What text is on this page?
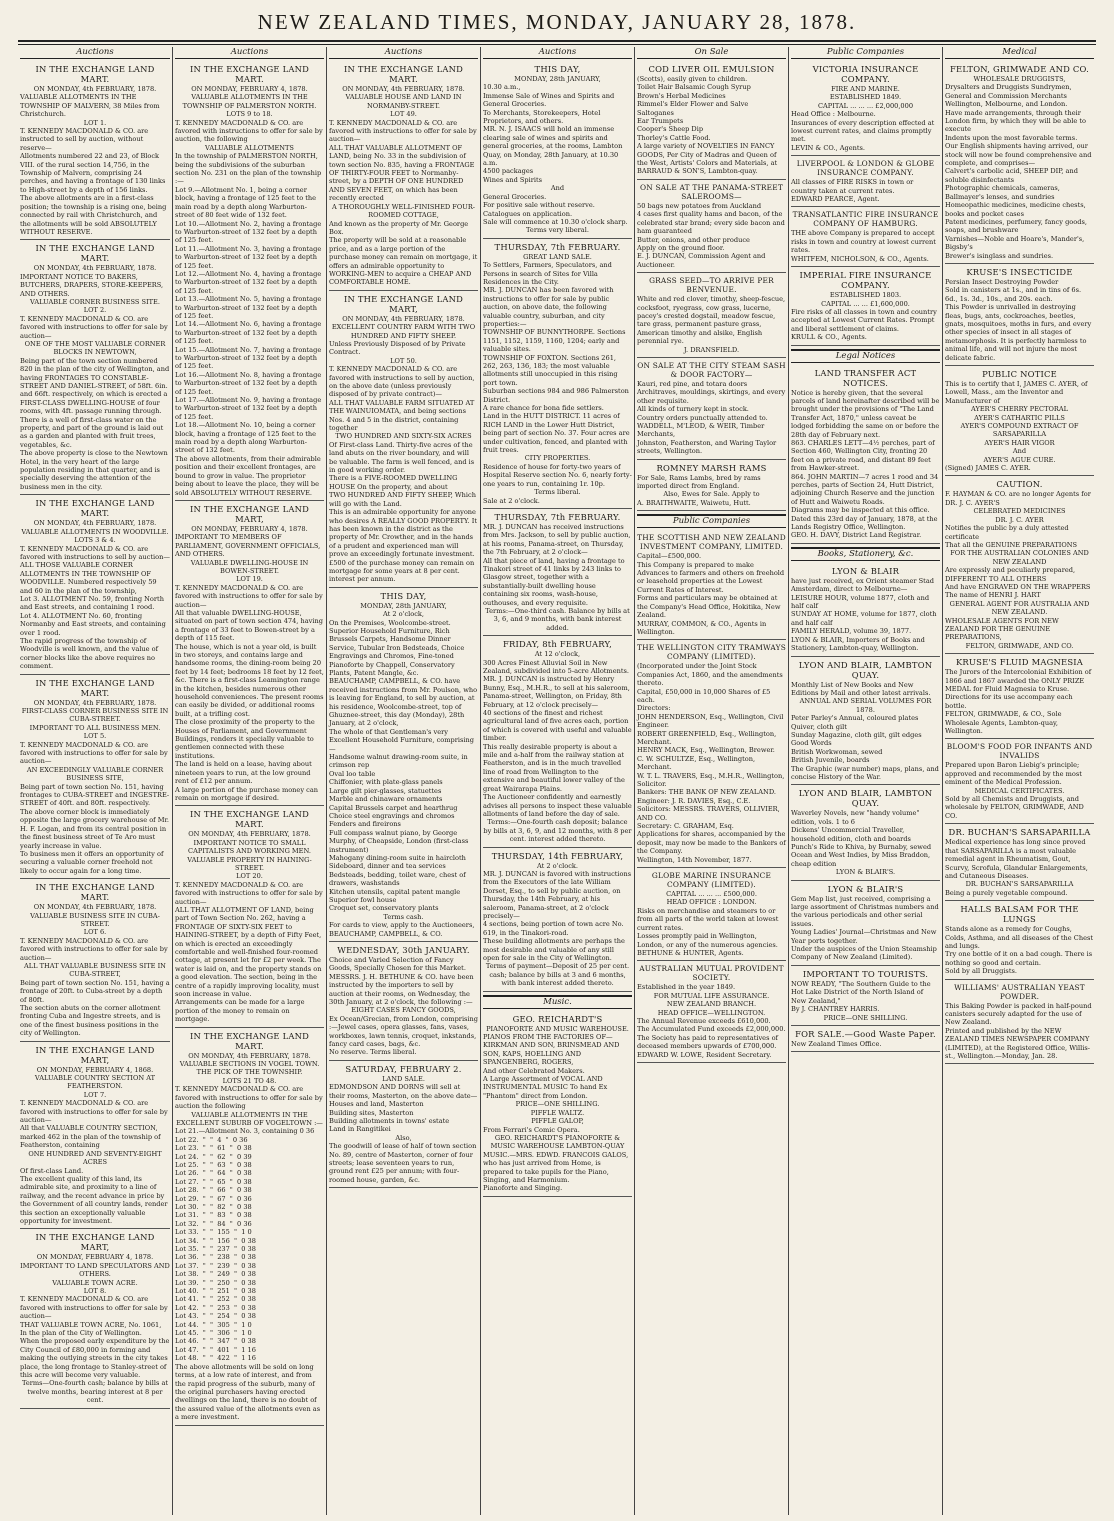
NEW ZEALAND TIMES, MONDAY, JANUARY 28, 1878.
Auctions
IN THE EXCHANGE LAND MART.

ON MONDAY, 4th FEBRUARY, 1878.

VALUABLE ALLOTMENTS IN THE TOWNSHIP OF MALVERN, 38 Miles from Christchurch.

LOT 1.

T. KENNEDY MACDONALD & CO. are instructed to sell by auction, without reserve—

Allotments numbered 22 and 23, of Block VIII. of the rural section 14,756, in the Township of Malvern, comprising 24 perches, and having a frontage of 130 links to High-street by a depth of 156 links.

The above allotments are in a first-class position; the township is a rising one, being connected by rail with Christchurch, and the allotments will be sold ABSOLUTELY WITHOUT RESERVE.

IN THE EXCHANGE LAND MART.

ON MONDAY, 4th FEBRUARY, 1878.

IMPORTANT NOTICE TO BAKERS, BUTCHERS, DRAPERS, STORE-KEEPERS, AND OTHERS.

VALUABLE CORNER BUSINESS SITE.

LOT 2.

T. KENNEDY MACDONALD & CO. are favored with instructions to offer for sale by auction—

ONE OF THE MOST VALUABLE CORNER BLOCKS IN NEWTOWN,

Being part of the town section numbered 820 in the plan of the city of Wellington, and having FRONTAGES TO CONSTABLE-STREET AND DANIEL-STREET, of 58ft. 6in. and 66ft. respectively, on which is erected a FIRST-CLASS DWELLING-HOUSE of four rooms, with 4ft. passage running through. There is a well of first-class water on the property, and part of the ground is laid out as a garden and planted with fruit trees, vegetables, &c.

The above property is close to the Newtown Hotel, in the very heart of the large population residing in that quarter, and is specially deserving the attention of the business men in the city.

IN THE EXCHANGE LAND MART.

ON MONDAY, 4th FEBRUARY, 1878.

VALUABLE ALLOTMENTS IN WOODVILLE.

LOTS 3 & 4.

T. KENNEDY MACDONALD & CO. are favored with instructions to sell by auction—

ALL THOSE VALUABLE CORNER ALLOTMENTS IN THE TOWNSHIP OF WOODVILLE. Numbered respectively 59 and 60 in the plan of the township,

Lot 3. ALLOTMENT No. 59, fronting North and East streets, and containing 1 rood.

Lot 4. ALLOTMENT No. 60, fronting Normanby and East streets, and containing over 1 rood.

The rapid progress of the township of Woodville is well known, and the value of corner blocks like the above requires no comment.

IN THE EXCHANGE LAND MART.

ON MONDAY, 4th FEBRUARY, 1878.

FIRST-CLASS CORNER BUSINESS SITE IN CUBA-STREET.

IMPORTANT TO ALL BUSINESS MEN.

LOT 5.

T. KENNEDY MACDONALD & CO. are favored with instructions to offer for sale by auction—

AN EXCEEDINGLY VALUABLE CORNER BUSINESS SITE,

Being part of town section No. 151, having frontages to CUBA-STREET and INGESTRE-STREET of 40ft. and 80ft. respectively.

The above corner block is immediately opposite the large grocery warehouse of Mr. H. F. Logan, and from its central position in the finest business street of Te Aro must yearly increase in value.

To business men it offers an opportunity of securing a valuable corner freehold not likely to occur again for a long time.

IN THE EXCHANGE LAND MART.

ON MONDAY, 4th FEBRUARY, 1878.

VALUABLE BUSINESS SITE IN CUBA-STREET.

LOT 6.

T. KENNEDY MACDONALD & CO. are favored with instructions to offer for sale by auction—

ALL THAT VALUABLE BUSINESS SITE IN CUBA-STREET,

Being part of town section No. 151, having a frontage of 20ft. to Cuba-street by a depth of 80ft.

The section abuts on the corner allotment fronting Cuba and Ingestre streets, and is one of the finest business positions in the city of Wellington.

IN THE EXCHANGE LAND MART,

ON MONDAY, FEBRUARY 4, 1868.

VALUABLE COUNTRY SECTION AT FEATHERSTON.

LOT 7.

T. KENNEDY MACDONALD & CO. are favored with instructions to offer for sale by auction—

All that VALUABLE COUNTRY SECTION, marked 462 in the plan of the township of Featherston, containing

ONE HUNDRED AND SEVENTY-EIGHT ACRES

Of first-class Land.

The excellent quality of this land, its admirable site, and proximity to a line of railway, and the recent advance in price by the Government of all country lands, render this section an exceptionally valuable opportunity for investment.

IN THE EXCHANGE LAND MART,

ON MONDAY, FEBRUARY 4, 1878.

IMPORTANT TO LAND SPECULATORS AND OTHERS.

VALUABLE TOWN ACRE.

LOT 8.

T. KENNEDY MACDONALD & CO. are favored with instructions to offer for sale by auction—

THAT VALUABLE TOWN ACRE, No. 1061,

In the plan of the City of Wellington.

When the proposed early expenditure by the City Council of £80,000 in forming and making the outlying streets in the city takes place, the long frontage to Stanley-street of this acre will become very valuable.

Terms—One-fourth cash; balance by bills at twelve months, bearing interest at 8 per cent.

Auctions
IN THE EXCHANGE LAND MART.

ON MONDAY, FEBRUARY 4, 1878.

VALUABLE ALLOTMENTS IN THE TOWNSHIP OF PALMERSTON NORTH.

LOTS 9 to 18.

T. KENNEDY MACDONALD & CO. are favored with instructions to offer for sale by auction, the following

VALUABLE ALLOTMENTS

In the township of PALMERSTON NORTH, being the subdivisions of the suburban section No. 231 on the plan of the township :—

Lot 9.—Allotment No. 1, being a corner block, having a frontage of 125 feet to the main road by a depth along Warburton-street of 80 feet wide of 132 feet.

Lot 10.—Allotment No. 2, having a frontage to Warburton-street of 132 feet by a depth of 125 feet.

Lot 11.—Allotment No. 3, having a frontage to Warburton-street of 132 feet by a depth of 125 feet.

Lot 12.—Allotment No. 4, having a frontage to Warburton-street of 132 feet by a depth of 125 feet.

Lot 13.—Allotment No. 5, having a frontage to Warburton-street of 132 feet by a depth of 125 feet.

Lot 14.—Allotment No. 6, having a frontage to Warburton-street of 132 feet by a depth of 125 feet.

Lot 15.—Allotment No. 7, having a frontage to Warburton-street of 132 feet by a depth of 125 feet.

Lot 16.—Allotment No. 8, having a frontage to Warburton-street of 132 feet by a depth of 125 feet.

Lot 17.—Allotment No. 9, having a frontage to Warburton-street of 132 feet by a depth of 125 feet.

Lot 18.—Allotment No. 10, being a corner block, having a frontage of 125 feet to the main road by a depth along Warburton-street of 132 feet.

The above allotments, from their admirable position and their excellent frontages, are bound to grow in value. The proprietor being about to leave the place, they will be sold ABSOLUTELY WITHOUT RESERVE.

IN THE EXCHANGE LAND MART,

ON MONDAY, FEBRUARY 4, 1878.

IMPORTANT TO MEMBERS OF PARLIAMENT, GOVERNMENT OFFICIALS, AND OTHERS.

VALUABLE DWELLING-HOUSE IN BOWEN-STREET.

LOT 19.

T. KENNEDY MACDONALD & CO. are favored with instructions to offer for sale by auction—

All that valuable DWELLING-HOUSE, situated on part of town section 474, having a frontage of 33 feet to Bowen-street by a depth of 115 feet.

The house, which is not a year old, is built in two storeys, and contains large and handsome rooms, the dining-room being 20 feet by 14 feet; bedrooms 18 feet by 12 feet, &c. There is a first-class Leamington range in the kitchen, besides numerous other household conveniences. The present rooms can easily be divided, or additional rooms built, at a trifling cost.

The close proximity of the property to the Houses of Parliament, and Government Buildings, renders it specially valuable to gentlemen connected with these institutions.

The land is held on a lease, having about nineteen years to run, at the low ground rent of £12 per annum.

A large portion of the purchase money can remain on mortgage if desired.

IN THE EXCHANGE LAND MART.

ON MONDAY, 4th FEBRUARY, 1878.

IMPORTANT NOTICE TO SMALL CAPITALISTS AND WORKING MEN.

VALUABLE PROPERTY IN HAINING-STREET.

LOT 20.

T. KENNEDY MACDONALD & CO. are favored with instructions to offer for sale by auction—

ALL THAT ALLOTMENT OF LAND, being part of Town Section No. 262, having a FRONTAGE OF SIXTY-SIX FEET to HAINING-STREET, by a depth of Fifty Feet, on which is erected an exceedingly comfortable and well-finished four-roomed cottage, at present let for £2 per week. The water is laid on, and the property stands on a good elevation. The section, being in the centre of a rapidly improving locality, must soon increase in value.

Arrangements can be made for a large portion of the money to remain on mortgage.

IN THE EXCHANGE LAND MART.

ON MONDAY, 4th FEBRUARY, 1878.

VALUABLE SECTIONS IN VOGEL TOWN.

THE PICK OF THE TOWNSHIP.

LOTS 21 TO 48.

T. KENNEDY MACDONALD & CO. are favored with instructions to offer for sale by auction the following

VALUABLE ALLOTMENTS IN THE EXCELLENT SUBURB OF VOGELTOWN :—

Lot 21.—Allotment No. 3, containing 0 36

Lot 22.  "  "  4  "  0 36

Lot 23.  "  "  61  "  0 38

Lot 24.  "  "  62  "  0 39

Lot 25.  "  "  63  "  0 38

Lot 26.  "  "  64  "  0 38

Lot 27.  "  "  65  "  0 38

Lot 28.  "  "  66  "  0 38

Lot 29.  "  "  67  "  0 36

Lot 30.  "  "  82  "  0 38

Lot 31.  "  "  83  "  0 38

Lot 32.  "  "  84  "  0 36

Lot 33.  "  "  155  "  1 0

Lot 34.  "  "  156  "  0 38

Lot 35.  "  "  237  "  0 38

Lot 36.  "  "  238  "  0 38

Lot 37.  "  "  239  "  0 38

Lot 38.  "  "  249  "  0 38

Lot 39.  "  "  250  "  0 38

Lot 40.  "  "  251  "  0 38

Lot 41.  "  "  252  "  0 38

Lot 42.  "  "  253  "  0 38

Lot 43.  "  "  254  "  0 38

Lot 44.  "  "  305  "  1 0

Lot 45.  "  "  306  "  1 0

Lot 46.  "  "  347  "  0 38

Lot 47.  "  "  401  "  1 16

Lot 48.  "  "  422  "  1 16

The above allotments will be sold on long terms, at a low rate of interest, and from the rapid progress of the suburb, many of the original purchasers having erected dwellings on the land, there is no doubt of the assured value of the allotments even as a mere investment.

Auctions
IN THE EXCHANGE LAND MART.

ON MONDAY, 4th FEBRUARY, 1878.

VALUABLE HOUSE AND LAND IN NORMANBY-STREET.

LOT 49.

T. KENNEDY MACDONALD & CO. are favored with instructions to offer for sale by auction—

ALL THAT VALUABLE ALLOTMENT OF LAND, being No. 33 in the subdivision of town section No. 835, having a FRONTAGE OF THIRTY-FOUR FEET to Normanby-street, by a DEPTH OF ONE HUNDRED AND SEVEN FEET, on which has been recently erected

A THOROUGHLY WELL-FINISHED FOUR-ROOMED COTTAGE,

And known as the property of Mr. George Box.

The property will be sold at a reasonable price, and as a large portion of the purchase money can remain on mortgage, it offers an admirable opportunity to WORKING-MEN to acquire a CHEAP AND COMFORTABLE HOME.

IN THE EXCHANGE LAND MART,

ON MONDAY, 4th FEBRUARY, 1878.

EXCELLENT COUNTRY FARM WITH TWO HUNDRED AND FIFTY SHEEP.

Unless Previously Disposed of by Private Contract.

LOT 50.

T. KENNEDY MACDONALD & CO. are favored with instructions to sell by auction, on the above date (unless previously disposed of by private contract)—

ALL THAT VALUABLE FARM SITUATED AT THE WAINUIOMATA, and being sections Nos. 4 and 5 in the district, containing together

TWO HUNDRED AND SIXTY-SIX ACRES

Of First-class Land. Thirty-five acres of the land abuts on the river boundary, and will be valuable. The farm is well fenced, and is in good working order.

There is a FIVE-ROOMED DWELLING HOUSE On the property, and about

TWO HUNDRED AND FIFTY SHEEP, Which will go with the Land.

This is an admirable opportunity for anyone who desires A REALLY GOOD PROPERTY. It has been known in the district as the property of Mr. Crowther, and in the hands of a prudent and experienced man will prove an exceedingly fortunate investment.

£500 of the purchase money can remain on mortgage for some years at 8 per cent. interest per annum.

THIS DAY,

MONDAY, 28th JANUARY,

At 2 o'clock,

On the Premises, Woolcombe-street.

Superior Household Furniture, Rich Brussels Carpets, Handsome Dinner Service, Tubular Iron Bedsteads, Choice Engravings and Chromos, Fine-toned Pianoforte by Chappell, Conservatory Plants, Patent Mangle, &c.

BEAUCHAMP, CAMPBELL, & CO. have received instructions from Mr. Poulson, who is leaving for England, to sell by auction, at his residence, Woolcombe-street, top of Ghuznee-street, this day (Monday), 28th January, at 2 o'clock,

The whole of that Gentleman's very Excellent Household Furniture, comprising—

Handsome walnut drawing-room suite, in crimson rep

Oval loo table

Chiffonier, with plate-glass panels

Large gilt pier-glasses, statuettes

Marble and chinaware ornaments

Capital Brussels carpet and hearthrug

Choice steel engravings and chromos

Fenders and fireirons

Full compass walnut piano, by George Murphy, of Cheapside, London (first-class instrument)

Mahogany dining-room suite in haircloth

Sideboard, dinner and tea services

Bedsteads, bedding, toilet ware, chest of drawers, washstands

Kitchen utensils, capital patent mangle

Superior fowl house

Croquet set, conservatory plants

Terms cash.

For cards to view, apply to the Auctioneers, BEAUCHAMP, CAMPBELL, & CO.

WEDNESDAY, 30th JANUARY.

Choice and Varied Selection of Fancy Goods, Specially Chosen for this Market.

MESSRS. J. H. BETHUNE & CO. have been instructed by the importers to sell by auction at their rooms, on Wednesday, the 30th January, at 2 o'clock, the following :—

EIGHT CASES FANCY GOODS,

Ex Ocean/Grecian, from London, comprising :—Jewel cases, opera glasses, fans, vases, workboxes, lawn tennis, croquet, inkstands, fancy card cases, bags, &c.

No reserve. Terms liberal.

SATURDAY, FEBRUARY 2.

LAND SALE.

EDMONDSON AND DORNS will sell at their rooms, Masterton, on the above date—

Houses and land, Masterton

Building sites, Masterton

Building allotments in towns' estate

Land in Rangitikei

Also,

The goodwill of lease of half of town section No. 89, centre of Masterton, corner of four streets; lease seventeen years to run, ground rent £25 per annum; with four-roomed house, garden, &c.

Auctions
THIS DAY,

MONDAY, 28th JANUARY,

10.30 a.m.,

Immense Sale of Wines and Spirits and General Groceries.

To Merchants, Storekeepers, Hotel Proprietors, and others.

MR. N. J. ISAACS will hold an immense clearing sale of wines and spirits and general groceries, at the rooms, Lambton Quay, on Monday, 28th January, at 10.30 a.m.

4500 packages

Wines and Spirits

And

General Groceries.

For positive sale without reserve.

Catalogues on application.

Sale will commence at 10.30 o'clock sharp.

Terms very liberal.

THURSDAY, 7th FEBRUARY.

GREAT LAND SALE.

To Settlers, Farmers, Speculators, and Persons in search of Sites for Villa Residences in the City.

MR. J. DUNCAN has been favored with instructions to offer for sale by public auction, on above date, the following valuable country, suburban, and city properties:—

TOWNSHIP OF BUNNYTHORPE. Sections 1151, 1152, 1159, 1160, 1204; early and valuable sites.

TOWNSHIP OF FOXTON. Sections 261, 262, 263, 136, 183; the most valuable allotments still unoccupied in this rising port town.

Suburban sections 984 and 986 Palmerston District.

A rare chance for bona fide settlers.

Land in the HUTT DISTRICT. 11 acres of RICH LAND in the Lower Hutt District, being part of section No. 37. Four acres are under cultivation, fenced, and planted with fruit trees.

CITY PROPERTIES.

Residence of house for forty-two years of Hospital Reserve section No. 6, nearly forty-one years to run, containing 1r. 10p.

Terms liberal.

Sale at 2 o'clock.

THURSDAY, 7th FEBRUARY.

MR. J. DUNCAN has received instructions from Mrs. Jackson, to sell by public auction, at his rooms, Panama-street, on Thursday, the 7th February, at 2 o'clock—

All that piece of land, having a frontage to Tinakori street of 41 links by 243 links to Glasgow street, together with a substantially-built dwelling house containing six rooms, wash-house, outhouses, and every requisite.

Terms:—One-third cash. Balance by bills at 3, 6, and 9 months, with bank interest added.

FRIDAY, 8th FEBRUARY,

At 12 o'clock,

300 Acres Finest Alluvial Soil in New Zealand, subdivided into 5-acre Allotments.

MR. J. DUNCAN is instructed by Henry Bunny, Esq., M.H.R., to sell at his saleroom, Panama-street, Wellington, on Friday, 8th February, at 12 o'clock precisely—

40 sections of the finest and richest agricultural land of five acres each, portion of which is covered with useful and valuable timber.

This really desirable property is about a mile and a-half from the railway station at Featherston, and is in the much travelled line of road from Wellington to the extensive and beautiful lower valley of the great Wairarapa Plains.

The Auctioneer confidently and earnestly advises all persons to inspect these valuable allotments of land before the day of sale.

Terms:—One-fourth cash deposit; balance by bills at 3, 6, 9, and 12 months, with 8 per cent. interest added thereto.

THURSDAY, 14th FEBRUARY,

At 2 o'clock.

MR. J. DUNCAN is favored with instructions from the Executors of the late William Dorset, Esq., to sell by public auction, on Thursday, the 14th February, at his saleroom, Panama-street, at 2 o'clock precisely—

4 sections, being portion of town acre No. 619, in the Tinakori-road.

These building allotments are perhaps the most desirable and valuable of any still open for sale in the City of Wellington.

Terms of payment—Deposit of 25 per cent. cash; balance by bills at 3 and 6 months, with bank interest added thereto.

Music.
GEO. REICHARDT'S

PIANOFORTE AND MUSIC WAREHOUSE.

PIANOS FROM THE FACTORIES OF—KIRKMAN AND SON, BRINSMEAD AND SON, KAPS, HOELLING AND SPANGENBERG, ROGERS,

And other Celebrated Makers.

A Large Assortment of VOCAL AND INSTRUMENTAL MUSIC To hand Ex "Phantom" direct from London.

PRICE—ONE SHILLING.

PIFFLE WALTZ.

PIFFLE GALOP,

From Ferrari's Comic Opera.

GEO. REICHARDT'S PIANOFORTE & MUSIC WAREHOUSE LAMBTON-QUAY

MUSIC.—MRS. EDWD. FRANCOIS GALOS, who has just arrived from Home, is prepared to take pupils for the Piano, Singing, and Harmonium.

Pianoforte and Singing.

On Sale
COD LIVER OIL EMULSION

(Scotts), easily given to children.

Toilet Hair Balsamic Cough Syrup

Brown's Herbal Medicines

Rimmel's Elder Flower and Salve

Saltoganes

Ear Trumpets

Cooper's Sheep Dip

Thorley's Cattle Food.

A large variety of NOVELTIES IN FANCY GOODS, Per City of Madras and Queen of the West, Artists' Colors and Materials, at

BARRAUD & SON'S, Lambton-quay.

ON SALE AT THE PANAMA-STREET SALEROOMS—

50 bags new potatoes from Auckland

4 cases first quality hams and bacon, of the celebrated star brand; every side bacon and ham guaranteed

Butter, onions, and other produce

Apply on the ground floor.

E. J. DUNCAN, Commission Agent and Auctioneer.

GRASS SEED—TO ARRIVE PER BENVENUE.

White and red clover, timothy, sheep-fescue, cocksfoot, ryegrass, cow grass, lucerne, pacey's crested dogstail, meadow fescue, tare grass, permanent pasture grass,

American timothy and alsike, English perennial rye.

J. DRANSFIELD.

ON SALE AT THE CITY STEAM SASH & DOOR FACTORY—

Kauri, red pine, and totara doors

Architraves, mouldings, skirtings, and every other requisite.

All kinds of turnery kept in stock.

Country orders punctually attended to.

WADDELL, M'LEOD, & WEIR, Timber Merchants,

Johnston, Featherston, and Waring Taylor streets, Wellington.

ROMNEY MARSH RAMS

For Sale, Rams Lambs, bred by rams imported direct from England.

Also, Ewes for Sale. Apply to

A. BRAITHWAITE, Waiwetu, Hutt.

Public Companies
THE SCOTTISH AND NEW ZEALAND INVESTMENT COMPANY, LIMITED.

Capital—£500,000.

This Company is prepared to make Advances to farmers and others on freehold or leasehold properties at the Lowest Current Rates of Interest.

Forms and particulars may be obtained at the Company's Head Office, Hokitika, New Zealand.

MURRAY, COMMON, & CO., Agents in Wellington.

THE WELLINGTON CITY TRAMWAYS COMPANY (LIMITED).

(Incorporated under the Joint Stock Companies Act, 1860, and the amendments thereto.

Capital, £50,000 in 10,000 Shares of £5 each.

Directors:

JOHN HENDERSON, Esq., Wellington, Civil Engineer.

ROBERT GREENFIELD, Esq., Wellington, Merchant.

HENRY MACK, Esq., Wellington, Brewer.

C. W. SCHULTZE, Esq., Wellington, Merchant.

W. T. L. TRAVERS, Esq., M.H.R., Wellington, Solicitor.

Bankers: THE BANK OF NEW ZEALAND.

Engineer: J. R. DAVIES, Esq., C.E.

Solicitors: MESSRS. TRAVERS, OLLIVIER, AND CO.

Secretary: C. GRAHAM, Esq.

Applications for shares, accompanied by the deposit, may now be made to the Bankers of the Company.

Wellington, 14th November, 1877.

GLOBE MARINE INSURANCE COMPANY (LIMITED).

CAPITAL ... ... ... £500,000.

HEAD OFFICE : LONDON.

Risks on merchandise and steamers to or from all parts of the world taken at lowest current rates.

Losses promptly paid in Wellington, London, or any of the numerous agencies.

BETHUNE & HUNTER, Agents.

AUSTRALIAN MUTUAL PROVIDENT SOCIETY.

Established in the year 1849.

FOR MUTUAL LIFE ASSURANCE.

NEW ZEALAND BRANCH.

HEAD OFFICE—WELLINGTON.

The Annual Revenue exceeds £610,000.

The Accumulated Fund exceeds £2,000,000.

The Society has paid to representatives of deceased members upwards of £700,000.

EDWARD W. LOWE, Resident Secretary.

Public Companies
VICTORIA INSURANCE COMPANY.

FIRE AND MARINE.

ESTABLISHED 1849.

CAPITAL ... ... ... £2,000,000

Head Office : Melbourne.

Insurances of every description effected at lowest current rates, and claims promptly met.

LEVIN & CO., Agents.

LIVERPOOL & LONDON & GLOBE INSURANCE COMPANY.

All classes of FIRE RISKS in town or country taken at current rates.

EDWARD PEARCE, Agent.

TRANSATLANTIC FIRE INSURANCE COMPANY OF HAMBURG.

THE above Company is prepared to accept risks in town and country at lowest current rates.

WHITFEM, NICHOLSON, & CO., Agents.

IMPERIAL FIRE INSURANCE COMPANY.

ESTABLISHED 1803.

CAPITAL ... ... £1,600,000.

Fire risks of all classes in town and country accepted at Lowest Current Rates. Prompt and liberal settlement of claims.

KRULL & CO., Agents.

Legal Notices
LAND TRANSFER ACT NOTICES.

Notice is hereby given, that the several parcels of land hereinafter described will be brought under the provisions of "The Land Transfer Act, 1870," unless caveat be lodged forbidding the same on or before the 28th day of February next.

863. CHARLES LETT—4½ perches, part of Section 460, Wellington City, fronting 20 feet on a private road, and distant 89 feet from Hawker-street.

864. JOHN MARTIN—7 acres 1 rood and 34 perches, parts of Section 24, Hutt District, adjoining Church Reserve and the junction of Hutt and Waiwetu Roads.

Diagrams may be inspected at this office.

Dated this 23rd day of January, 1878, at the Lands Registry Office, Wellington.

GEO. H. DAVY, District Land Registrar.

Books, Stationery, &c.
LYON & BLAIR

have just received, ex Orient steamer Stad Amsterdam, direct to Melbourne—

LEISURE HOUR, volume 1877, cloth and half calf

SUNDAY AT HOME, volume for 1877, cloth and half calf

FAMILY HERALD, volume 39, 1877.

LYON & BLAIR, Importers of Books and Stationery, Lambton-quay, Wellington.

LYON AND BLAIR, LAMBTON QUAY.

Monthly List of New Books and New Editions by Mail and other latest arrivals.

ANNUAL AND SERIAL VOLUMES FOR 1878.

Peter Parley's Annual, coloured plates

Quiver, cloth gilt

Sunday Magazine, cloth gilt, gilt edges

Good Words

British Workwoman, sewed

British Juvenile, boards

The Graphic (war number) maps, plans, and concise History of the War.

LYON AND BLAIR, LAMBTON QUAY.

Waverley Novels, new "handy volume" edition, vols. 1 to 6

Dickens' Uncommercial Traveller, household edition, cloth and boards

Punch's Ride to Khiva, by Burnaby, sewed

Ocean and West Indies, by Miss Braddon, cheap edition

LYON & BLAIR'S.

LYON & BLAIR'S

Gem Map list, just received, comprising a large assortment of Christmas numbers and the various periodicals and other serial issues.

Young Ladies' Journal—Christmas and New Year ports together.

Under the auspices of the Union Steamship Company of New Zealand (Limited).

IMPORTANT TO TOURISTS.

NOW READY, "The Southern Guide to the Hot Lake District of the North Island of New Zealand,"

By J. CHANTREY HARRIS.

PRICE—ONE SHILLING.

FOR SALE.—Good Waste Paper.

New Zealand Times Office.

Medical
FELTON, GRIMWADE AND CO.

WHOLESALE DRUGGISTS,

Drysalters and Druggists Sundrymen,

General and Commission Merchants

Wellington, Melbourne, and London.

Have made arrangements, through their London firm, by which they will be able to execute

Indents upon the most favorable terms.

Our English shipments having arrived, our stock will now be found comprehensive and complete, and comprises—

Calvert's carbolic acid, SHEEP DIP, and soluble disinfectants

Photographic chemicals, cameras, Ballmayer's lenses, and sundries

Homeopathic medicines, medicine chests, books and pocket cases

Patent medicines, perfumery, fancy goods, soaps, and brushware

Varnishes—Noble and Hoare's, Mander's, Bigsby's

Brewer's isinglass and sundries.

KRUSE'S INSECTICIDE

Persian Insect Destroying Powder

Sold in canisters at 1s., and in tins of 6s. 6d., 1s. 3d., 10s., and 20s. each.

This Powder is unrivalled in destroying fleas, bugs, ants, cockroaches, beetles, gnats, mosquitoes, moths in furs, and every other species of insect in all stages of metamorphosis. It is perfectly harmless to animal life, and will not injure the most delicate fabric.

PUBLIC NOTICE

This is to certify that I, JAMES C. AYER, of Lowell, Mass., am the Inventor and Manufacturer of

AYER'S CHERRY PECTORAL

AYER'S CATHARTIC PILLS

AYER'S COMPOUND EXTRACT OF SARSAPARILLA

AYER'S HAIR VIGOR

And

AYER'S AGUE CURE.

(Signed) JAMES C. AYER.

CAUTION.

F. HAYMAN & CO. are no longer Agents for DR. J. C. AYER'S

CELEBRATED MEDICINES

DR. J. C. AYER

Notifies the public by a duly attested certificate

That all the GENUINE PREPARATIONS

FOR THE AUSTRALIAN COLONIES AND NEW ZEALAND

Are expressly and peculiarly prepared, DIFFERENT TO ALL OTHERS

And have ENGRAVED ON THE WRAPPERS

The name of HENRI J. HART

GENERAL AGENT FOR AUSTRALIA AND NEW ZEALAND.

WHOLESALE AGENTS FOR NEW ZEALAND FOR THE GENUINE PREPARATIONS,

FELTON, GRIMWADE, AND CO.

KRUSE'S FLUID MAGNESIA

The Jurors of the Intercolonial Exhibition of 1866 and 1867 awarded the ONLY PRIZE MEDAL for Fluid Magnesia to Kruse.

Directions for its use accompany each bottle.

FELTON, GRIMWADE, & CO., Sole Wholesale Agents, Lambton-quay, Wellington.

BLOOM'S FOOD FOR INFANTS AND INVALIDS

Prepared upon Baron Liebig's principle; approved and recommended by the most eminent of the Medical Profession.

MEDICAL CERTIFICATES.

Sold by all Chemists and Druggists, and wholesale by FELTON, GRIMWADE, AND CO.

DR. BUCHAN'S SARSAPARILLA

Medical experience has long since proved that SARSAPARILLA is a most valuable remedial agent in Rheumatism, Gout, Scurvy, Scrofula, Glandular Enlargements, and Cutaneous Diseases.

DR. BUCHAN'S SARSAPARILLA

Being a purely vegetable compound.

HALLS BALSAM FOR THE LUNGS

Stands alone as a remedy for Coughs, Colds, Asthma, and all diseases of the Chest and lungs.

Try one bottle of it on a bad cough. There is nothing so good and certain.

Sold by all Druggists.

WILLIAMS' AUSTRALIAN YEAST POWDER.

This Baking Powder is packed in half-pound canisters securely adapted for the use of New Zealand.

Printed and published by the NEW ZEALAND TIMES NEWSPAPER COMPANY (LIMITED), at the Registered Office, Willis-st., Wellington.—Monday, Jan. 28.
